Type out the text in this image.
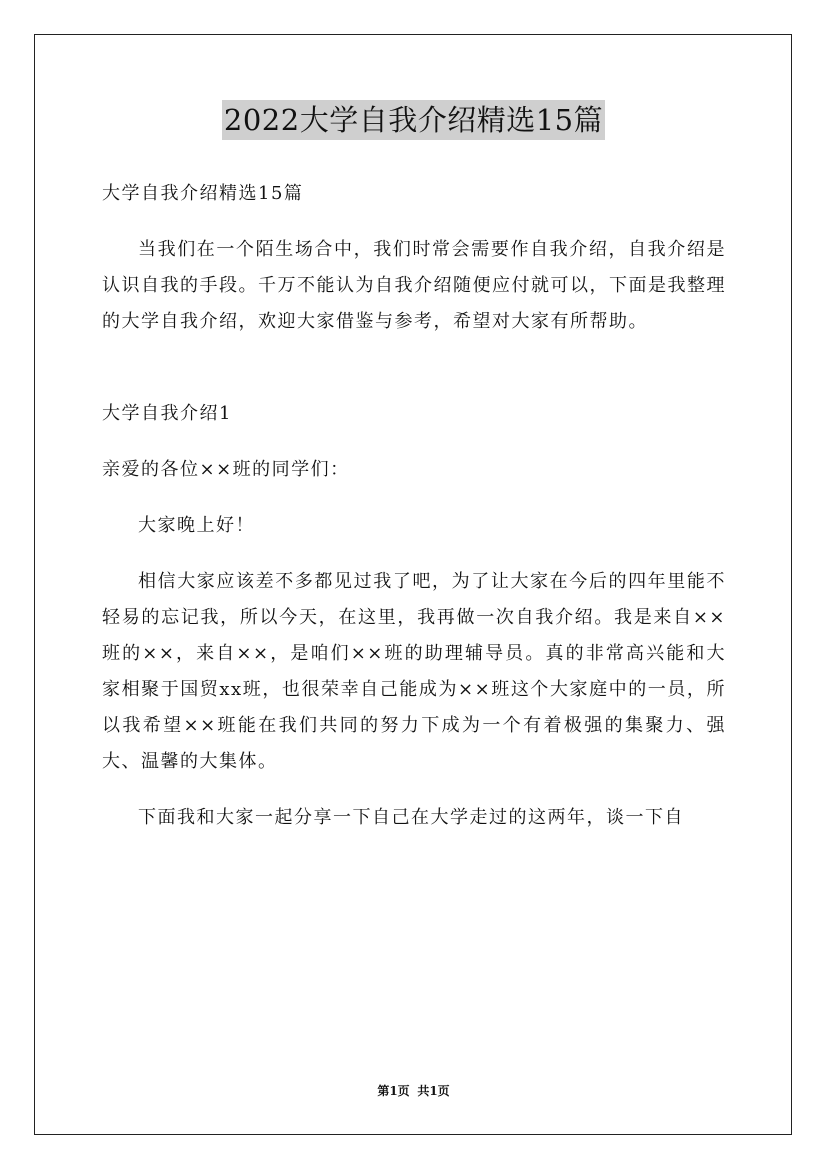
2022大学自我介绍精选15篇

大学自我介绍精选15篇

当我们在一个陌生场合中，我们时常会需要作自我介绍，自我介绍是认识自我的手段。千万不能认为自我介绍随便应付就可以，下面是我整理的大学自我介绍，欢迎大家借鉴与参考，希望对大家有所帮助。

大学自我介绍1

亲爱的各位××班的同学们：

大家晚上好！

相信大家应该差不多都见过我了吧，为了让大家在今后的四年里能不轻易的忘记我，所以今天，在这里，我再做一次自我介绍。我是来自××班的××，来自××，是咱们××班的助理辅导员。真的非常高兴能和大家相聚于国贸xx班，也很荣幸自己能成为××班这个大家庭中的一员，所以我希望××班能在我们共同的努力下成为一个有着极强的集聚力、强大、温馨的大集体。

下面我和大家一起分享一下自己在大学走过的这两年，谈一下自

第1页 共1页
